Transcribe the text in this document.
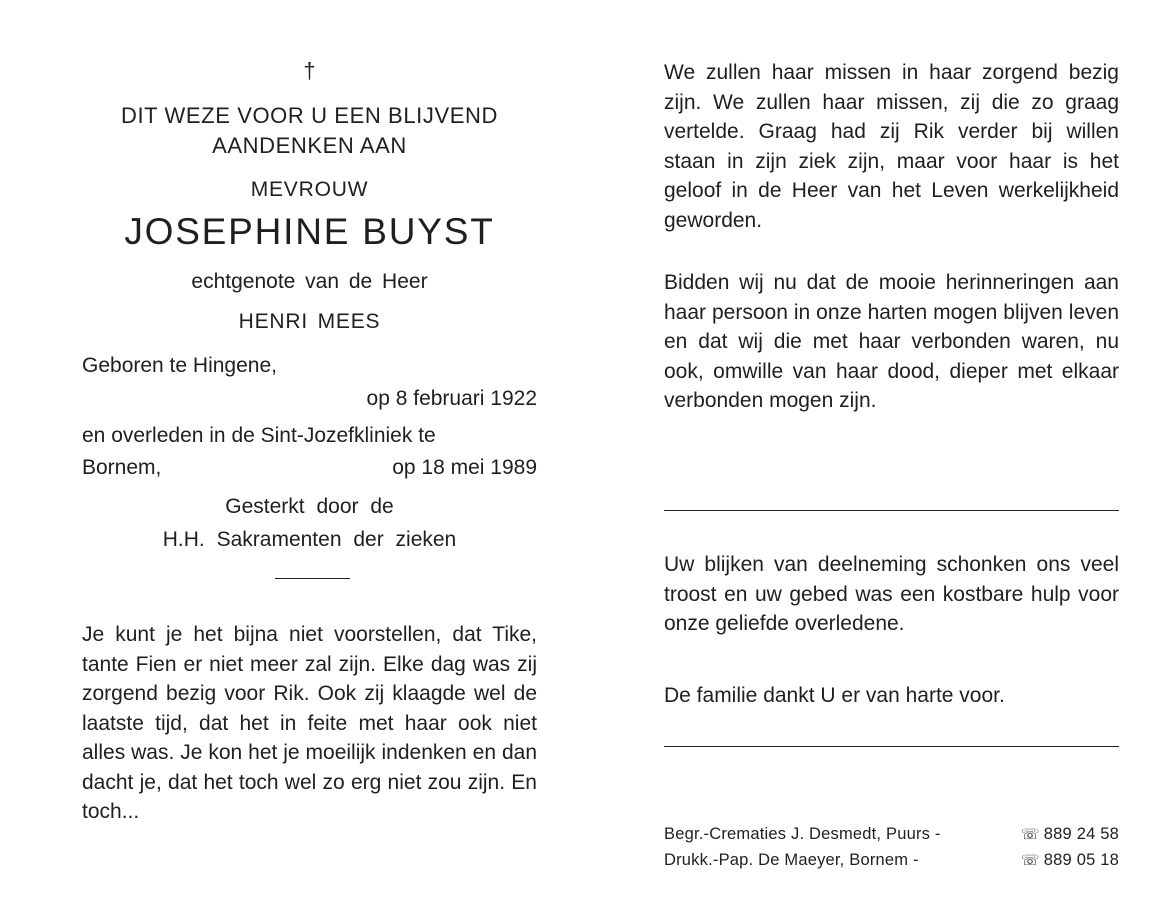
†
DIT WEZE VOOR U EEN BLIJVEND
AANDENKEN AAN
MEVROUW
JOSEPHINE BUYST
echtgenote van de Heer
HENRI MEES
Geboren te Hingene,
op 8 februari 1922
en overleden in de Sint-Jozefkliniek te
Bornem,	op 18 mei 1989
Gesterkt door de
H.H. Sakramenten der zieken
Je kunt je het bijna niet voorstellen, dat Tike, tante Fien er niet meer zal zijn. Elke dag was zij zorgend bezig voor Rik. Ook zij klaagde wel de laatste tijd, dat het in feite met haar ook niet alles was. Je kon het je moeilijk indenken en dan dacht je, dat het toch wel zo erg niet zou zijn. En toch...
We zullen haar missen in haar zorgend bezig zijn. We zullen haar missen, zij die zo graag vertelde. Graag had zij Rik verder bij willen staan in zijn ziek zijn, maar voor haar is het geloof in de Heer van het Leven werkelijkheid geworden.
Bidden wij nu dat de mooie herinneringen aan haar persoon in onze harten mogen blijven leven en dat wij die met haar verbonden waren, nu ook, omwille van haar dood, dieper met elkaar verbonden mogen zijn.
Uw blijken van deelneming schonken ons veel troost en uw gebed was een kostbare hulp voor onze geliefde overledene.
De familie dankt U er van harte voor.
Begr.-Crematies J. Desmedt, Puurs -	☏ 889 24 58
Drukk.-Pap. De Maeyer, Bornem -	☏ 889 05 18
